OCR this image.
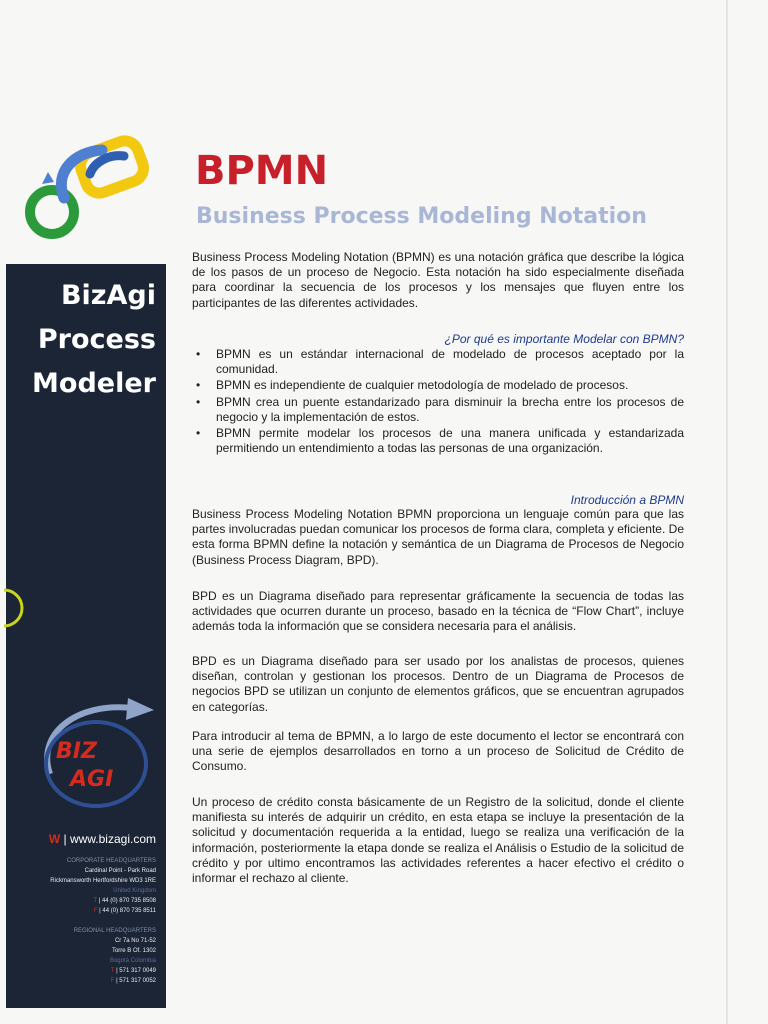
BizAgi
Process
Modeler
BIZ
AGI
W | www.bizagi.com
CORPORATE HEADQUARTERS
Cardinal Point - Park Road
Rickmansworth Hertfordshire WD3 1RE
United Kingdom
T | 44 (0) 870 735 8508
F | 44 (0) 870 735 8511
REGIONAL HEADQUARTERS
Cr 7a No 71-52
Torre B Of. 1302
Bogotá Colombia
T | 571 317 0049
F | 571 317 0052
BPMN
Business Process Modeling Notation

Business Process Modeling Notation (BPMN) es una notación gráfica que describe la lógica de los pasos de un proceso de Negocio. Esta notación ha sido especialmente diseñada para coordinar la secuencia de los procesos y los mensajes que fluyen entre los participantes de las diferentes actividades.

¿Por qué es importante Modelar con BPMN?
• BPMN es un estándar internacional de modelado de procesos aceptado por la comunidad.
• BPMN es independiente de cualquier metodología de modelado de procesos.
• BPMN crea un puente estandarizado para disminuir la brecha entre los procesos de negocio y la implementación de estos.
• BPMN permite modelar los procesos de una manera unificada y estandarizada permitiendo un entendimiento a todas las personas de una organización.
Introducción a BPMN

Business Process Modeling Notation BPMN proporciona un lenguaje común para que las partes involucradas puedan comunicar los procesos de forma clara, completa y eficiente. De esta forma BPMN define la notación y semántica de un Diagrama de Procesos de Negocio (Business Process Diagram, BPD).

BPD es un Diagrama diseñado para representar gráficamente la secuencia de todas las actividades que ocurren durante un proceso, basado en la técnica de “Flow Chart”, incluye además toda la información que se considera necesaria para el análisis.

BPD es un Diagrama diseñado para ser usado por los analistas de procesos, quienes diseñan, controlan y gestionan los procesos. Dentro de un Diagrama de Procesos de negocios BPD se utilizan un conjunto de elementos gráficos, que se encuentran agrupados en categorías.

Para introducir al tema de BPMN, a lo largo de este documento el lector se encontrará con una serie de ejemplos desarrollados en torno a un proceso de Solicitud de Crédito de Consumo.

Un proceso de crédito consta básicamente de un Registro de la solicitud, donde el cliente manifiesta su interés de adquirir un crédito, en esta etapa se incluye la presentación de la solicitud y documentación requerida a la entidad, luego se realiza una verificación de la información, posteriormente la etapa donde se realiza el Análisis o Estudio de la solicitud de crédito y por ultimo encontramos las actividades referentes a hacer efectivo el crédito o informar el rechazo al cliente.
